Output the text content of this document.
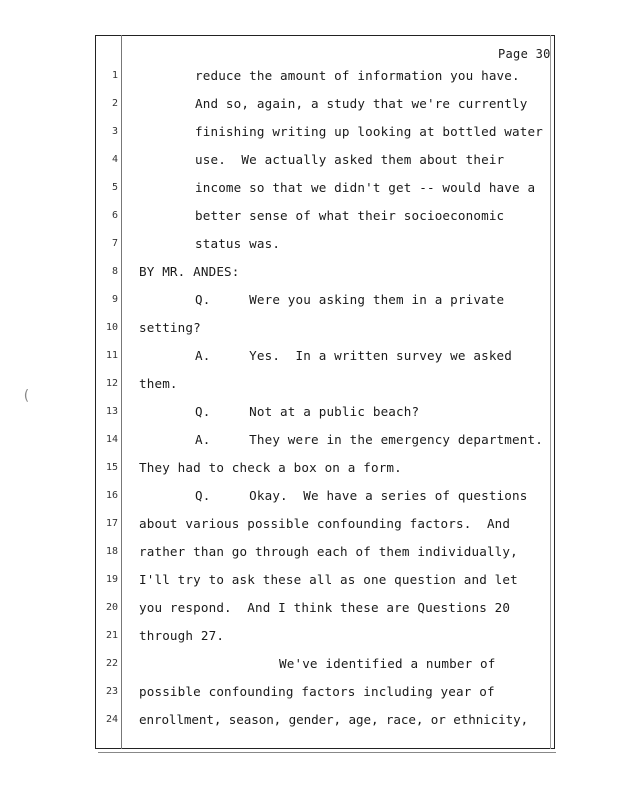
Page 30
(
1	reduce the amount of information you have.
2	And so, again, a study that we're currently
3	finishing writing up looking at bottled water
4	use.  We actually asked them about their
5	income so that we didn't get -- would have a
6	better sense of what their socioeconomic
7	status was.
8 BY MR. ANDES:
9	Q.     Were you asking them in a private
10 setting?
11	A.     Yes.  In a written survey we asked
12 them.
13	Q.     Not at a public beach?
14	A.     They were in the emergency department.
15 They had to check a box on a form.
16	Q.     Okay.  We have a series of questions
17 about various possible confounding factors.  And
18 rather than go through each of them individually,
19 I'll try to ask these all as one question and let
20 you respond.  And I think these are Questions 20
21 through 27.
22	We've identified a number of
23 possible confounding factors including year of
24 enrollment, season, gender, age, race, or ethnicity,
